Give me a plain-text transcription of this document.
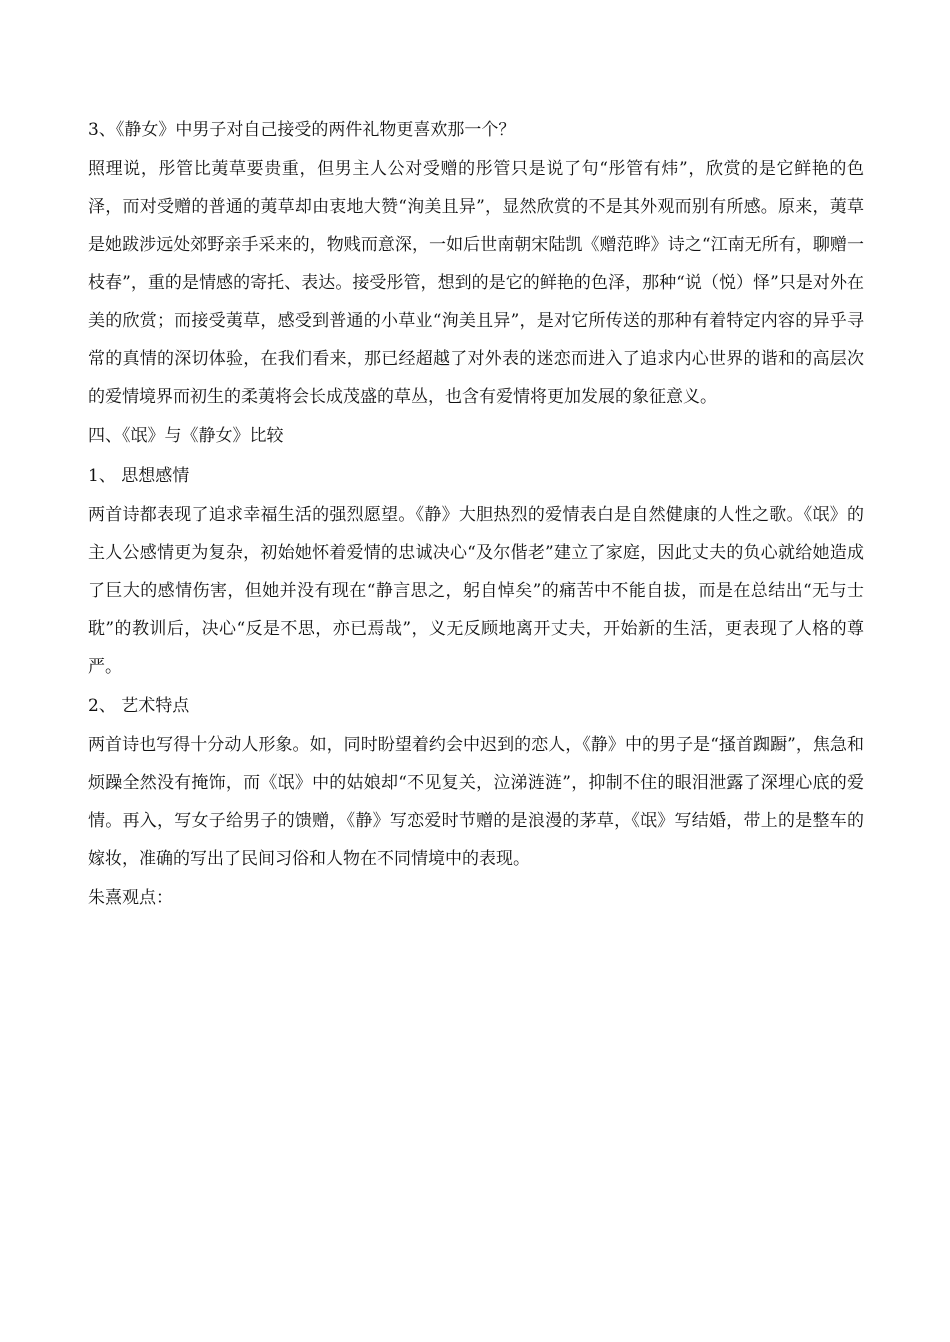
3、《静女》中男子对自己接受的两件礼物更喜欢那一个？
照理说，彤管比荑草要贵重，但男主人公对受赠的彤管只是说了句“彤管有炜”，欣赏的是它鲜艳的色泽，而对受赠的普通的荑草却由衷地大赞“洵美且异”，显然欣赏的不是其外观而别有所感。原来，荑草是她跋涉远处郊野亲手采来的，物贱而意深，一如后世南朝宋陆凯《赠范晔》诗之“江南无所有，聊赠一枝春”，重的是情感的寄托、表达。接受彤管，想到的是它的鲜艳的色泽，那种“说（悦）怿”只是对外在美的欣赏；而接受荑草，感受到普通的小草业“洵美且异”，是对它所传送的那种有着特定内容的异乎寻常的真情的深切体验，在我们看来，那已经超越了对外表的迷恋而进入了追求内心世界的谐和的高层次的爱情境界而初生的柔荑将会长成茂盛的草丛，也含有爱情将更加发展的象征意义。
四、《氓》与《静女》比较
1、 思想感情
两首诗都表现了追求幸福生活的强烈愿望。《静》大胆热烈的爱情表白是自然健康的人性之歌。《氓》的主人公感情更为复杂，初始她怀着爱情的忠诚决心“及尔偕老”建立了家庭，因此丈夫的负心就给她造成了巨大的感情伤害，但她并没有现在“静言思之，躬自悼矣”的痛苦中不能自拔，而是在总结出“无与士耽”的教训后，决心“反是不思，亦已焉哉”，义无反顾地离开丈夫，开始新的生活，更表现了人格的尊严。
2、 艺术特点
两首诗也写得十分动人形象。如，同时盼望着约会中迟到的恋人，《静》中的男子是“搔首踟蹰”，焦急和烦躁全然没有掩饰，而《氓》中的姑娘却“不见复关，泣涕涟涟”，抑制不住的眼泪泄露了深埋心底的爱情。再入，写女子给男子的馈赠，《静》写恋爱时节赠的是浪漫的茅草，《氓》写结婚，带上的是整车的嫁妆，准确的写出了民间习俗和人物在不同情境中的表现。
朱熹观点：
